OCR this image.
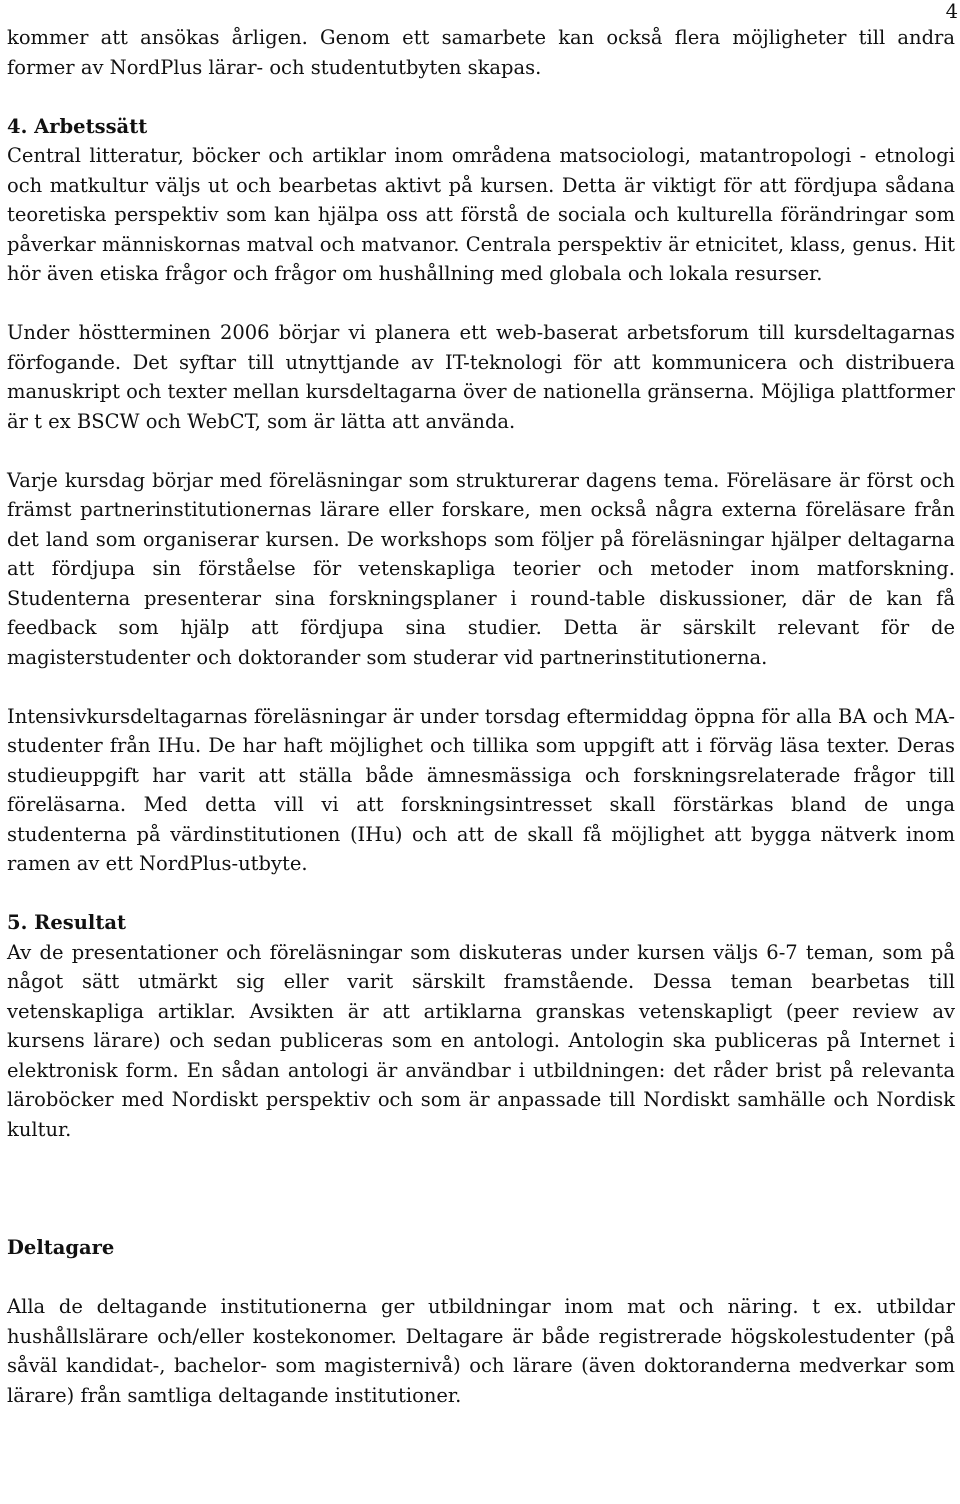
4

kommer att ansökas årligen. Genom ett samarbete kan också flera möjligheter till andra former av NordPlus lärar- och studentutbyten skapas.

4. Arbetssätt

Central litteratur, böcker och artiklar inom områdena matsociologi, matantropologi - etnologi och matkultur väljs ut och bearbetas aktivt på kursen. Detta är viktigt för att fördjupa sådana teoretiska perspektiv som kan hjälpa oss att förstå de sociala och kulturella förändringar som påverkar människornas matval och matvanor. Centrala perspektiv är etnicitet, klass, genus. Hit hör även etiska frågor och frågor om hushållning med globala och lokala resurser.

Under höstterminen 2006 börjar vi planera ett web-baserat arbetsforum till kursdeltagarnas förfogande. Det syftar till utnyttjande av IT-teknologi för att kommunicera och distribuera manuskript och texter mellan kursdeltagarna över de nationella gränserna. Möjliga plattformer är t ex BSCW och WebCT, som är lätta att använda.

Varje kursdag börjar med föreläsningar som strukturerar dagens tema. Föreläsare är först och främst partnerinstitutionernas lärare eller forskare, men också några externa föreläsare från det land som organiserar kursen. De workshops som följer på föreläsningar hjälper deltagarna att fördjupa sin förståelse för vetenskapliga teorier och metoder inom matforskning. Studenterna presenterar sina forskningsplaner i round-table diskussioner, där de kan få feedback som hjälp att fördjupa sina studier. Detta är särskilt relevant för de magisterstudenter och doktorander som studerar vid partnerinstitutionerna.

Intensivkursdeltagarnas föreläsningar är under torsdag eftermiddag öppna för alla BA och MA-studenter från IHu. De har haft möjlighet och tillika som uppgift att i förväg läsa texter. Deras studieuppgift har varit att ställa både ämnesmässiga och forskningsrelaterade frågor till föreläsarna. Med detta vill vi att forskningsintresset skall förstärkas bland de unga studenterna på värdinstitutionen (IHu) och att de skall få möjlighet att bygga nätverk inom ramen av ett NordPlus-utbyte.

5. Resultat

Av de presentationer och föreläsningar som diskuteras under kursen väljs 6-7 teman, som på något sätt utmärkt sig eller varit särskilt framstående. Dessa teman bearbetas till vetenskapliga artiklar. Avsikten är att artiklarna granskas vetenskapligt (peer review av kursens lärare) och sedan publiceras som en antologi. Antologin ska publiceras på Internet i elektronisk form. En sådan antologi är användbar i utbildningen: det råder brist på relevanta läroböcker med Nordiskt perspektiv och som är anpassade till Nordiskt samhälle och Nordisk kultur.

Deltagare

Alla de deltagande institutionerna ger utbildningar inom mat och näring. t ex. utbildar hushållslärare och/eller kostekonomer. Deltagare är både registrerade högskolestudenter (på såväl kandidat-, bachelor- som magisternivå) och lärare (även doktoranderna medverkar som lärare) från samtliga deltagande institutioner.
